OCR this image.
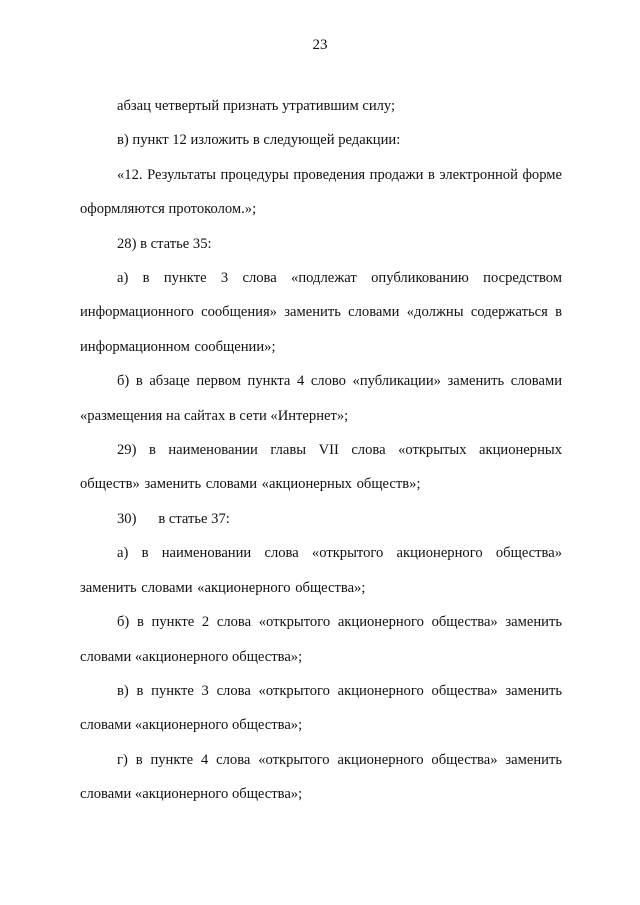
23

абзац четвертый признать утратившим силу;

в) пункт 12 изложить в следующей редакции:

«12. Результаты процедуры проведения продажи в электронной форме оформляются протоколом.»;

28) в статье 35:

а) в пункте 3 слова «подлежат опубликованию посредством информационного сообщения» заменить словами «должны содержаться в информационном сообщении»;

б) в абзаце первом пункта 4 слово «публикации» заменить словами «размещения на сайтах в сети «Интернет»;

29) в наименовании главы VII слова «открытых акционерных обществ» заменить словами «акционерных обществ»;

30)      в статье 37:

а) в наименовании слова «открытого акционерного общества» заменить словами «акционерного общества»;

б) в пункте 2 слова «открытого акционерного общества» заменить словами «акционерного общества»;

в) в пункте 3 слова «открытого акционерного общества» заменить словами «акционерного общества»;

г) в пункте 4 слова «открытого акционерного общества» заменить словами «акционерного общества»;
